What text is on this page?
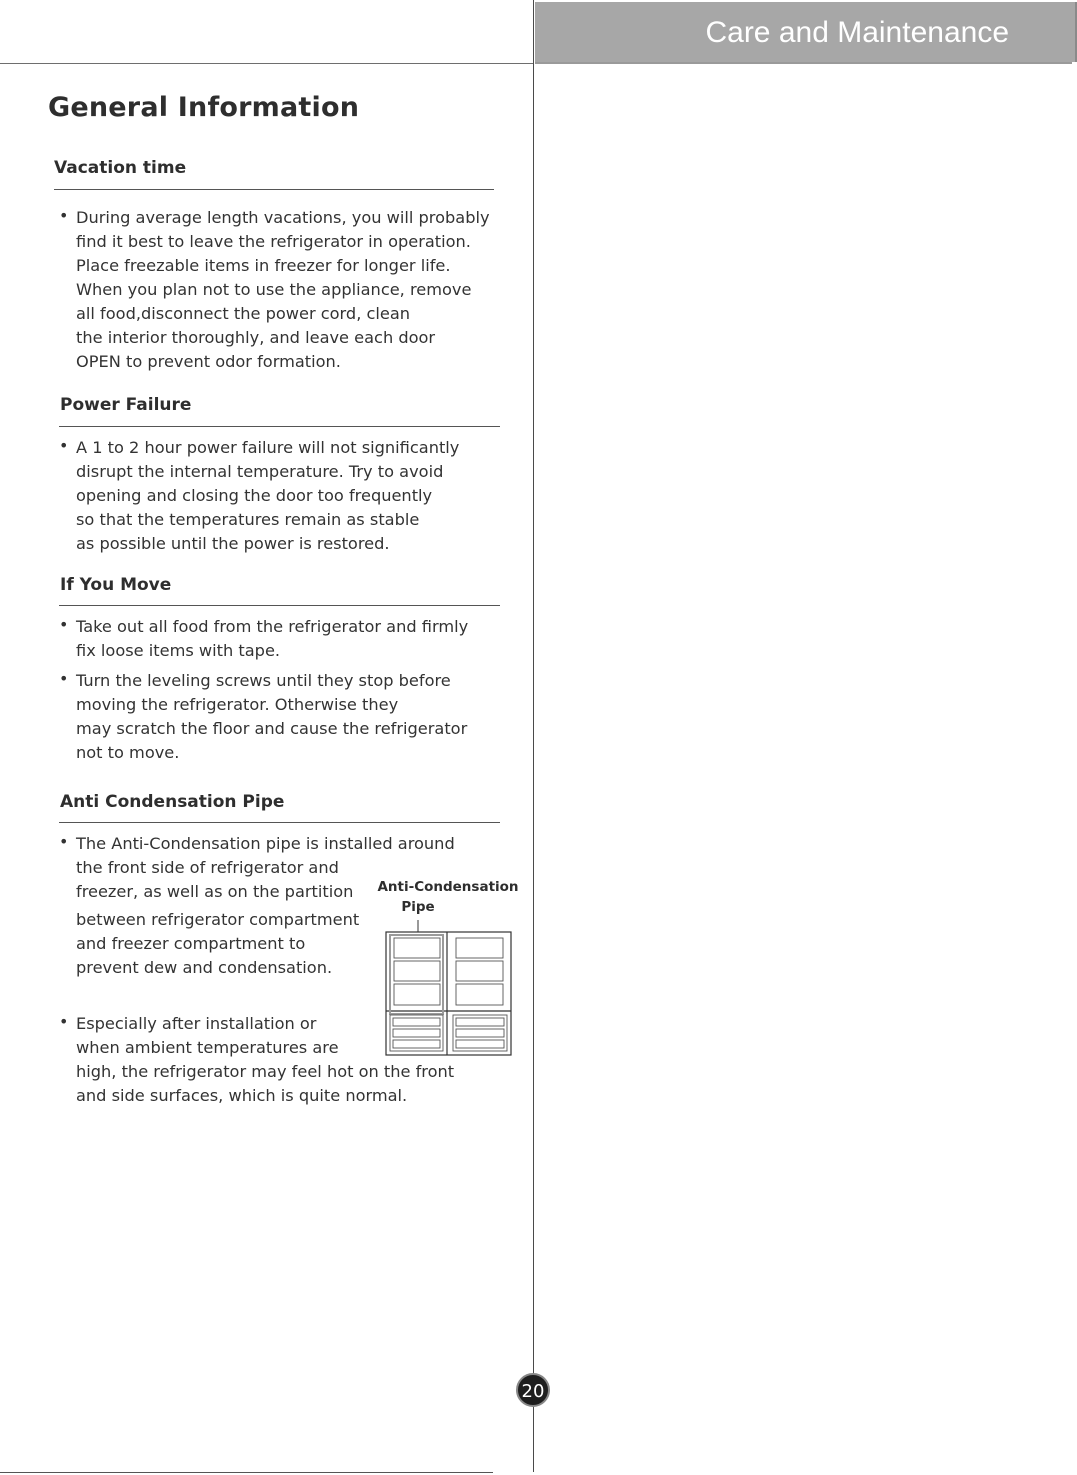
Care and Maintenance
General Information
Vacation time
• During average length vacations, you will probably
find it best to leave the refrigerator in operation.
Place freezable items in freezer for longer life.
When you plan not to use the appliance, remove
all food,disconnect the power cord, clean
the interior thoroughly, and leave each door
OPEN to prevent odor formation.
Power Failure
• A 1 to 2 hour power failure will not significantly
disrupt the internal temperature. Try to avoid
opening and closing the door too frequently
so that the temperatures remain as stable
as possible until the power is restored.
If You Move
• Take out all food from the refrigerator and firmly
fix loose items with tape.
• Turn the leveling screws until they stop before
moving the refrigerator. Otherwise they
may scratch the floor and cause the refrigerator
not to move.
Anti Condensation Pipe
• The Anti-Condensation pipe is installed around
the front side of refrigerator and
freezer, as well as on the partition
between refrigerator compartment
and freezer compartment to
prevent dew and condensation.
• Especially after installation or
when ambient temperatures are
high, the refrigerator may feel hot on the front
and side surfaces, which is quite normal.
Anti-Condensation
Pipe
20
